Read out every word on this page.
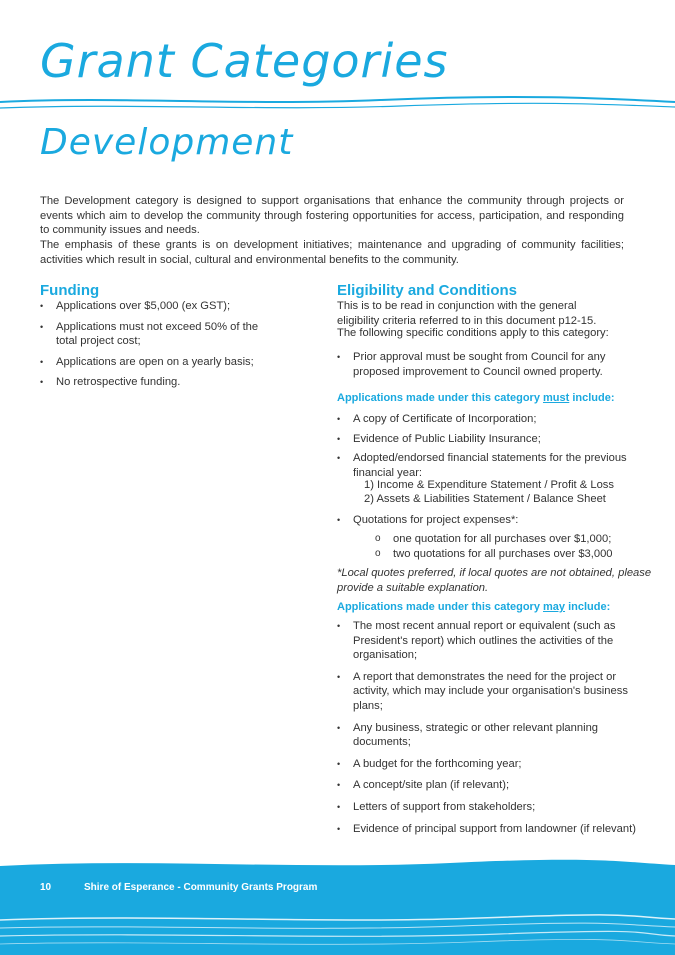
Grant Categories
Development

The Development category is designed to support organisations that enhance the community through projects or events which aim to develop the community through fostering opportunities for access, participation, and responding to community issues and needs.

The emphasis of these grants is on development initiatives; maintenance and upgrading of community facilities; activities which result in social, cultural and environmental benefits to the community.

Funding
• Applications over $5,000 (ex GST);
• Applications must not exceed 50% of the total project cost;
• Applications are open on a yearly basis;
• No retrospective funding.
Eligibility and Conditions

This is to be read in conjunction with the general eligibility criteria referred to in this document p12-15.

The following specific conditions apply to this category:

• Prior approval must be sought from Council for any proposed improvement to Council owned property.

Applications made under this category must include:

• A copy of Certificate of Incorporation;
• Evidence of Public Liability Insurance;
• Adopted/endorsed financial statements for the previous financial year:

1) Income & Expenditure Statement / Profit & Loss

2) Assets & Liabilities Statement / Balance Sheet

• Quotations for project expenses*:
o one quotation for all purchases over $1,000;
o two quotations for all purchases over $3,000

*Local quotes preferred, if local quotes are not obtained, please provide a suitable explanation.

Applications made under this category may include:

• The most recent annual report or equivalent (such as President's report) which outlines the activities of the organisation;
• A report that demonstrates the need for the project or activity, which may include your organisation's business plans;
• Any business, strategic or other relevant planning documents;
• A budget for the forthcoming year;
• A concept/site plan (if relevant);
• Letters of support from stakeholders;
• Evidence of principal support from landowner (if relevant)
10	Shire of Esperance - Community Grants Program
